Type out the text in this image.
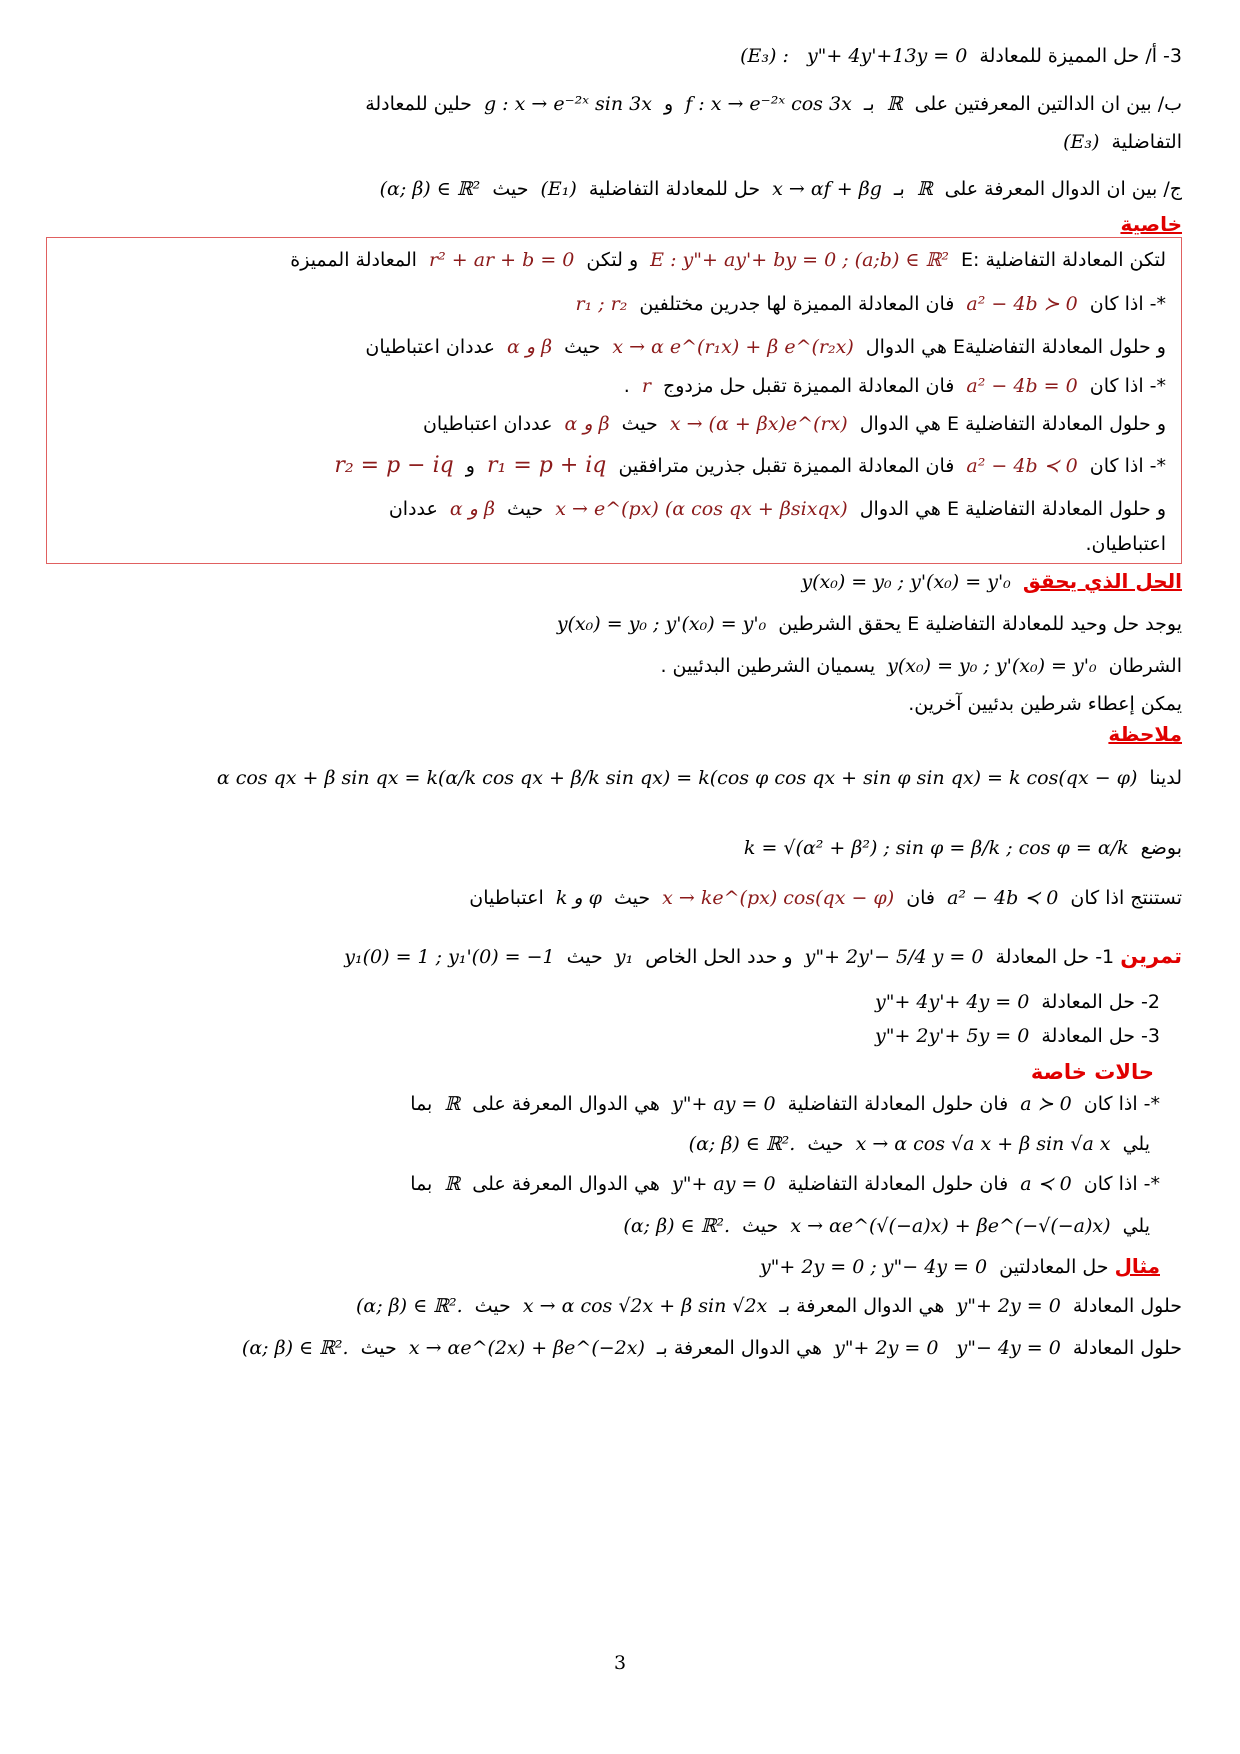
3- أ/ حل المميزة للمعادلة y"+ 4y'+13y = 0 (E₃) :
ب/ بين ان الدالتين المعرفتين على ℝ بـ f : x → e⁻²ˣ cos 3x و g : x → e⁻²ˣ sin 3x حلين للمعادلة
التفاضلية (E₃)
ج/ بين ان الدوال المعرفة على ℝ بـ x → αf + βg حل للمعادلة التفاضلية (E₁) حيث (α; β) ∈ ℝ²
خاصية
لتكن المعادلة التفاضلية :E E : y"+ ay'+ by = 0 ; (a;b) ∈ ℝ² و لتكن r² + ar + b = 0 المعادلة المميزة
*- اذا كان a² − 4b ≻ 0 فان المعادلة المميزة لها جدرين مختلفين r₁ ; r₂
و حلول المعادلة التفاضليةE هي الدوال x → α e^(r₁x) + β e^(r₂x) حيث α و β عددان اعتباطيان
*- اذا كان a² − 4b = 0 فان المعادلة المميزة تقبل حل مزدوج r .
و حلول المعادلة التفاضلية E هي الدوال x → (α + βx)e^(rx) حيث α و β عددان اعتباطيان
*- اذا كان a² − 4b ≺ 0 فان المعادلة المميزة تقبل جذرين مترافقين r₁ = p + iq و r₂ = p − iq
و حلول المعادلة التفاضلية E هي الدوال x → e^(px) (α cos qx + βsixqx) حيث α و β عددان
اعتباطيان.
الحل الذي يحقق y(x₀) = y₀ ; y'(x₀) = y'₀
يوجد حل وحيد للمعادلة التفاضلية E يحقق الشرطين y(x₀) = y₀ ; y'(x₀) = y'₀
الشرطان y(x₀) = y₀ ; y'(x₀) = y'₀ يسميان الشرطين البدئيين .
يمكن إعطاء شرطين بدئيين آخرين.
ملاحظة
لدينا α cos qx + β sin qx = k(α/k cos qx + β/k sin qx) = k(cos φ cos qx + sin φ sin qx) = k cos(qx − φ)
بوضع k = √(α² + β²) ; sin φ = β/k ; cos φ = α/k
تستنتج اذا كان a² − 4b ≺ 0 فان x → ke^(px) cos(qx − φ) حيث k و φ اعتباطيان
تمرين 1- حل المعادلة y"+ 2y'− 5/4 y = 0 و حدد الحل الخاص y₁ حيث y₁(0) = 1 ; y₁'(0) = −1
2- حل المعادلة y"+ 4y'+ 4y = 0
3- حل المعادلة y"+ 2y'+ 5y = 0
حالات خاصة
*- اذا كان a ≻ 0 فان حلول المعادلة التفاضلية y"+ ay = 0 هي الدوال المعرفة على ℝ بما
يلي x → α cos √a x + β sin √a x حيث (α; β) ∈ ℝ².
*- اذا كان a ≺ 0 فان حلول المعادلة التفاضلية y"+ ay = 0 هي الدوال المعرفة على ℝ بما
يلي x → αe^(√(−a)x) + βe^(−√(−a)x) حيث (α; β) ∈ ℝ².
مثال حل المعادلتين y"+ 2y = 0 ; y"− 4y = 0
حلول المعادلة y"+ 2y = 0 هي الدوال المعرفة بـ x → α cos √2x + β sin √2x حيث (α; β) ∈ ℝ².
حلول المعادلة y"− 4y = 0 y"+ 2y = 0 هي الدوال المعرفة بـ x → αe^(2x) + βe^(−2x) حيث (α; β) ∈ ℝ².
3
